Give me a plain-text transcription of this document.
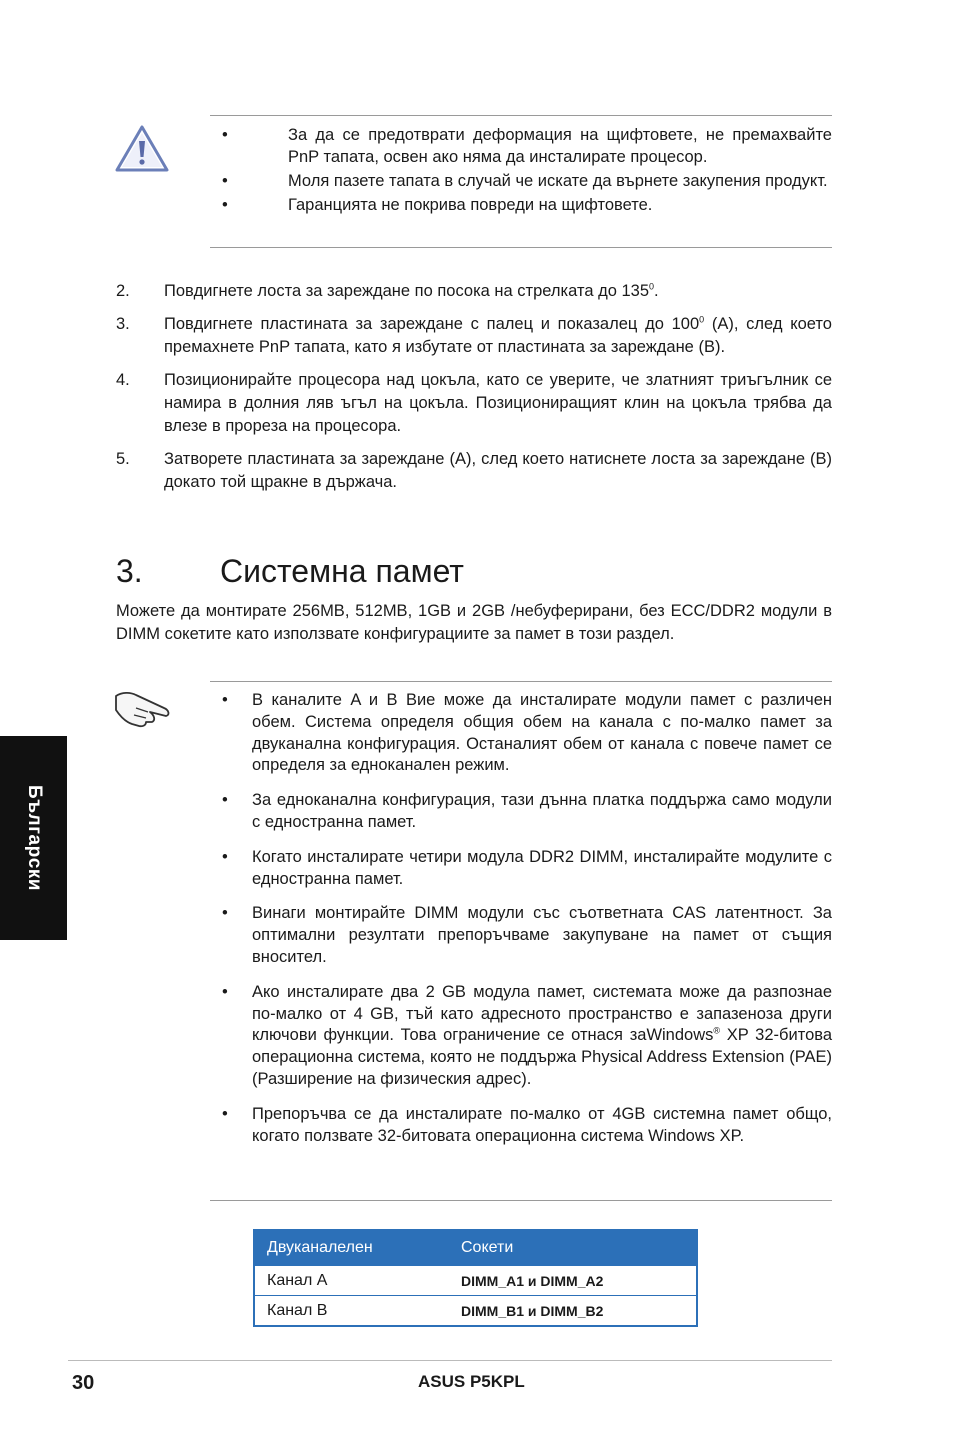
•	За да се предотврати деформация на щифтовете, не премахвайте PnP тапата, освен ако няма да инсталирате процесор.
•	Моля пазете тапата в случай че искате да върнете закупения продукт.
•	Гаранцията не покрива повреди на щифтовете.
2. Повдигнете лоста за зареждане по посока на стрелката до $135^0$.
3. Повдигнете пластината за зареждане с палец и показалец до $100^0$ (A), след което премахнете PnP тапата, като я избутате от пластината за зареждане (B).
4. Позиционирайте процесора над цокъла, като се уверите, че златният триъгълник се намира в долния ляв ъгъл на цокъла. Позициониращият клин на цокъла трябва да влезе в прореза на процесора.
5. Затворете пластината за зареждане (A), след което натиснете лоста за зареждане (B) докато той щракне в държача.
3. Системна памет
Можете да монтирате 256MB, 512MB, 1GB и 2GB /небуферирани, без ECC/DDR2 модули в DIMM сокетите като използвате конфигурациите за памет в този раздел.
• В каналите A и B Вие може да инсталирате модули памет с различен обем. Система определя общия обем на канала с по-малко памет за двуканална конфигурация. Останалият обем от канала с повече памет се определя за едноканален режим.
• За едноканална конфигурация, тази дънна платка поддържа само модули с едностранна памет.
• Когато инсталирате четири модула DDR2 DIMM, инсталирайте модулите с едностранна памет.
• Винаги монтирайте DIMM модули със съответната CAS латентност. За оптимални резултати препоръчваме закупуване на памет от същия вносител.
• Ако инсталирате два 2 GB модула памет, системата може да разпознае по-малко от 4 GB, тъй като адресното пространство е запазеноза други ключови функции. Това ограничение се отнася заWindows® XP 32-битова операционна система, която не поддържа Physical Address Extension (PAE) (Разширение на физическия адрес).
• Препоръчва се да инсталирате по-малко от 4GB системна памет общо, когато ползвате 32-битовата операционна система Windows XP.
Български
Двуканалелен	Сокети
Канал A	DIMM_A1 и DIMM_A2
Канал B	DIMM_B1 и DIMM_B2
30	ASUS P5KPL
